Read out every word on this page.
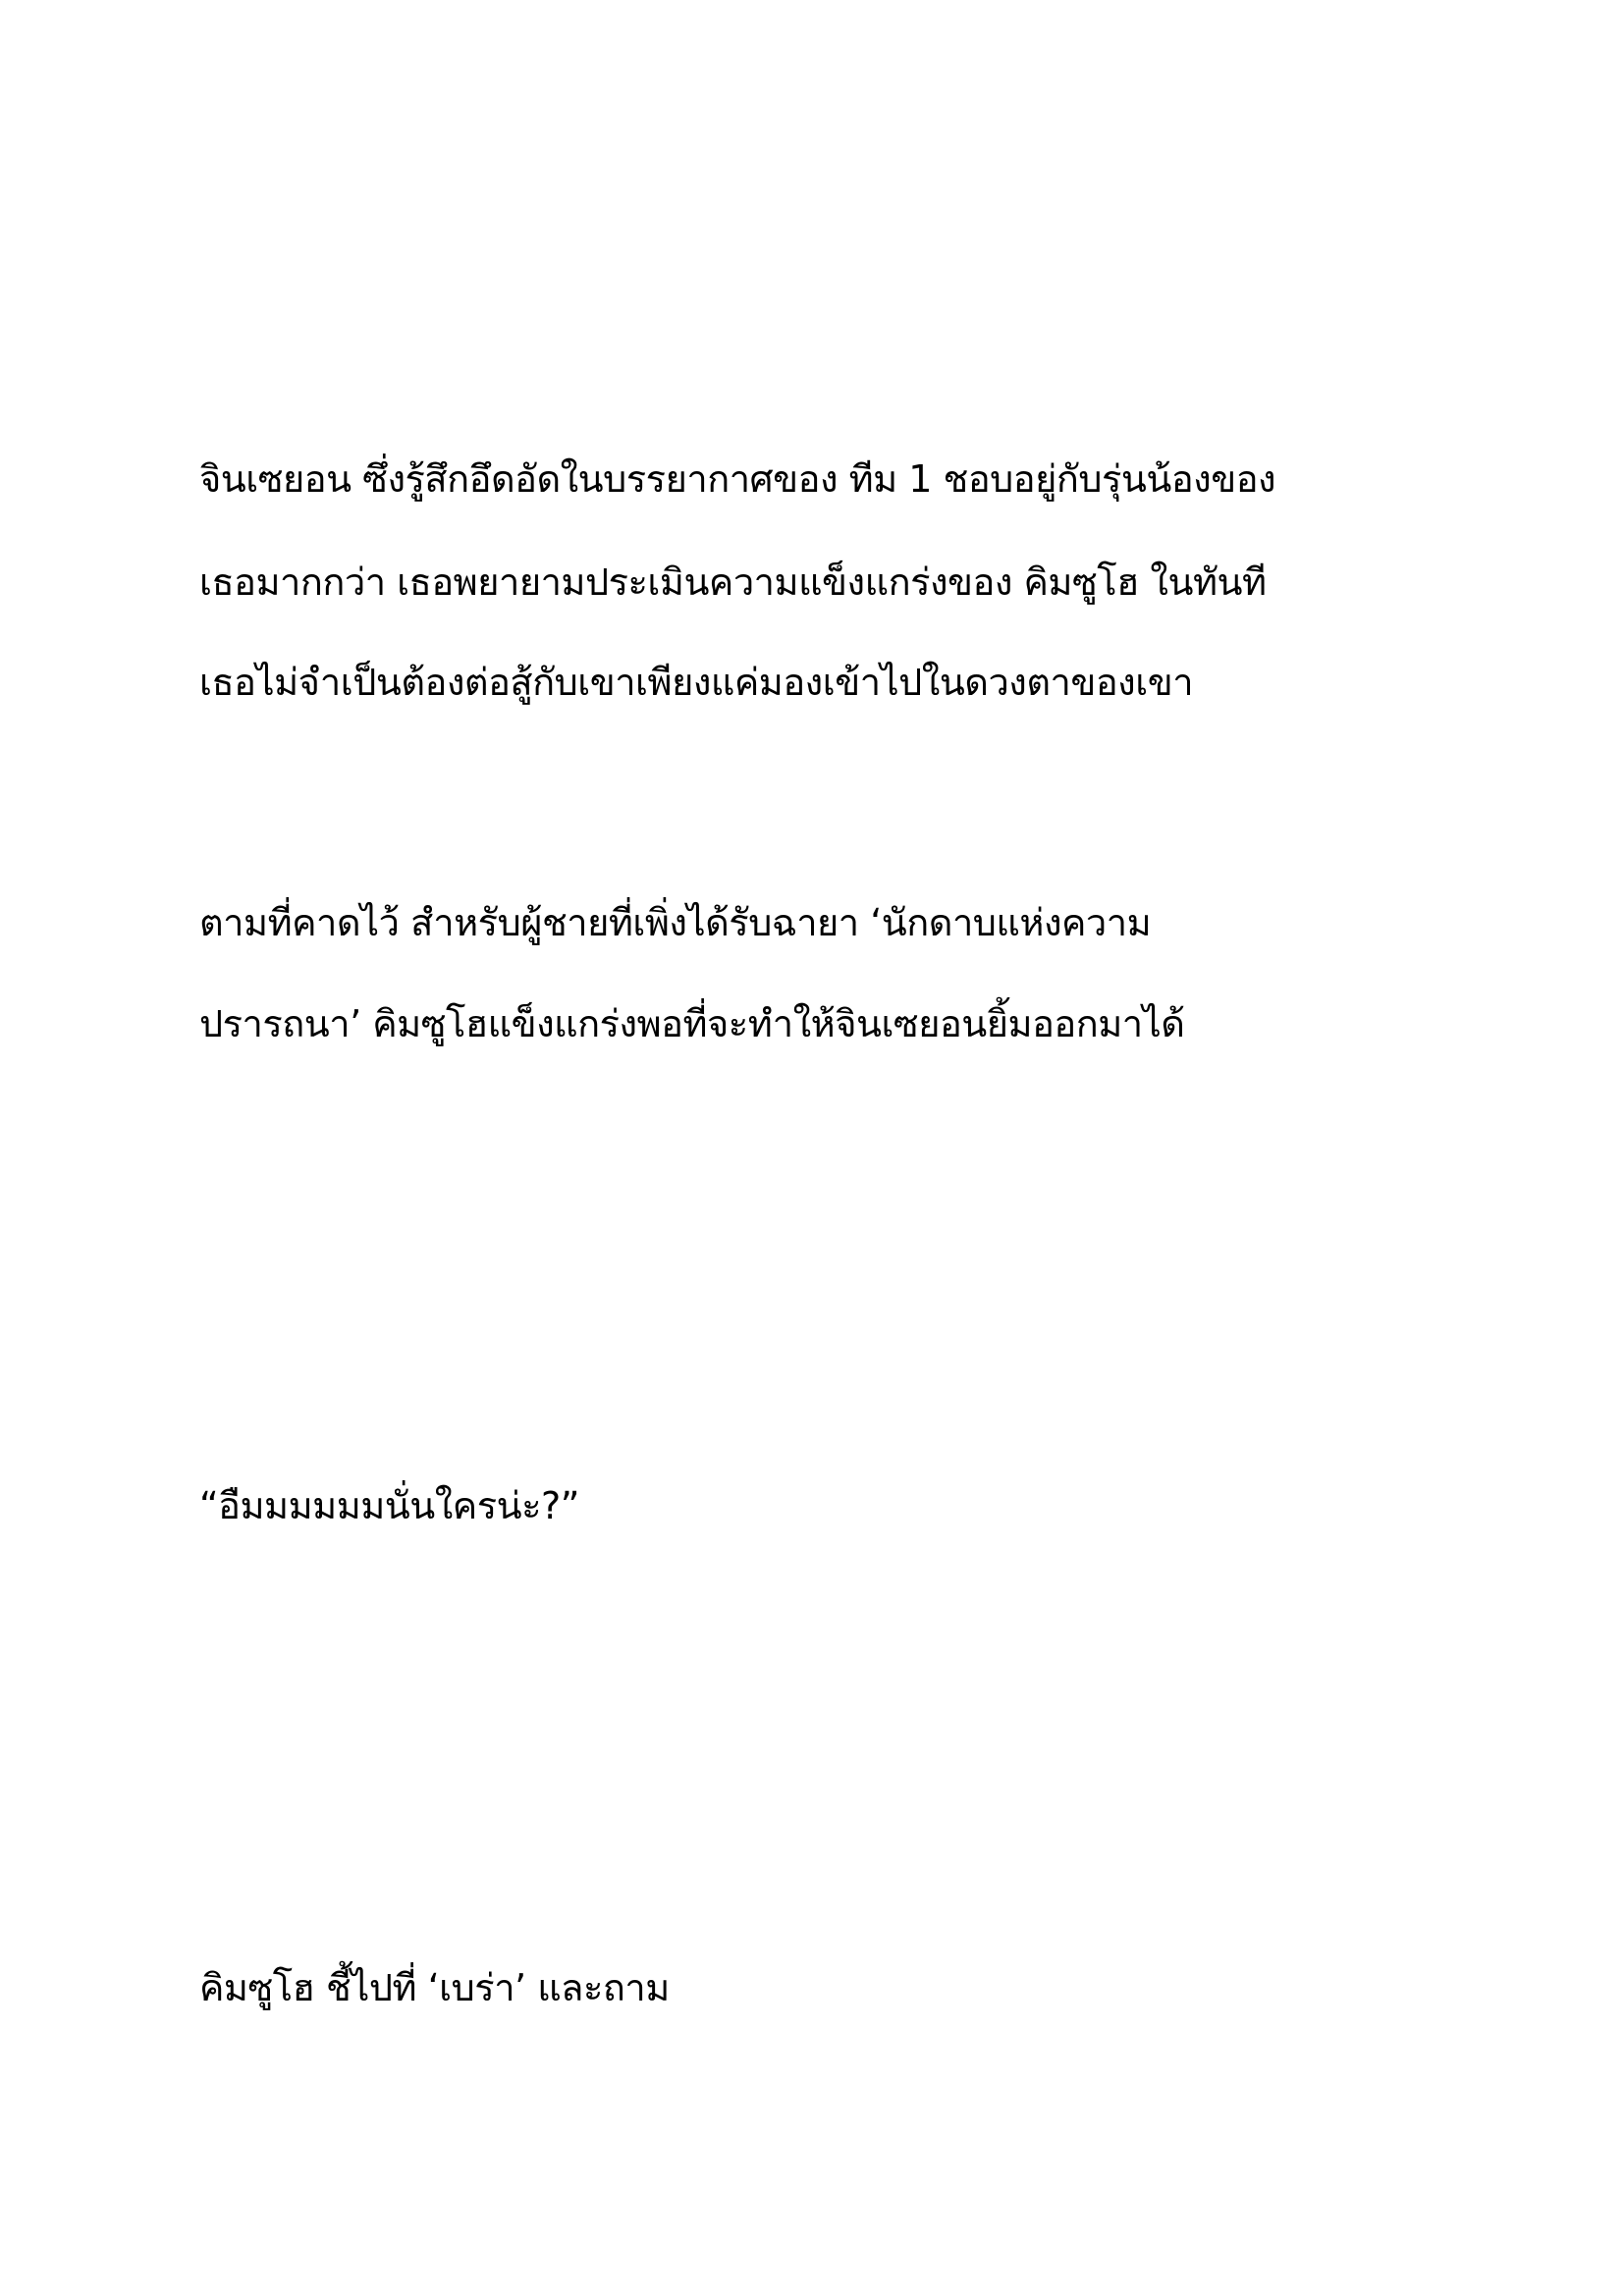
จินเซยอน ซึ่งรู้สึกอึดอัดในบรรยากาศของ ทีม 1 ชอบอยู่กับรุ่นน้องของ

เธอมากกว่า เธอพยายามประเมินความแข็งแกร่งของ คิมซูโฮ ในทันที

เธอไม่จำเป็นต้องต่อสู้กับเขาเพียงแค่มองเข้าไปในดวงตาของเขา

ตามที่คาดไว้ สำหรับผู้ชายที่เพิ่งได้รับฉายา ‘นักดาบแห่งความ

ปรารถนา’ คิมซูโฮแข็งแกร่งพอที่จะทำให้จินเซยอนยิ้มออกมาได้

“อืมมมมมมนั่นใครน่ะ?”

คิมซูโฮ ชี้ไปที่ ‘เบร่า’ และถาม
